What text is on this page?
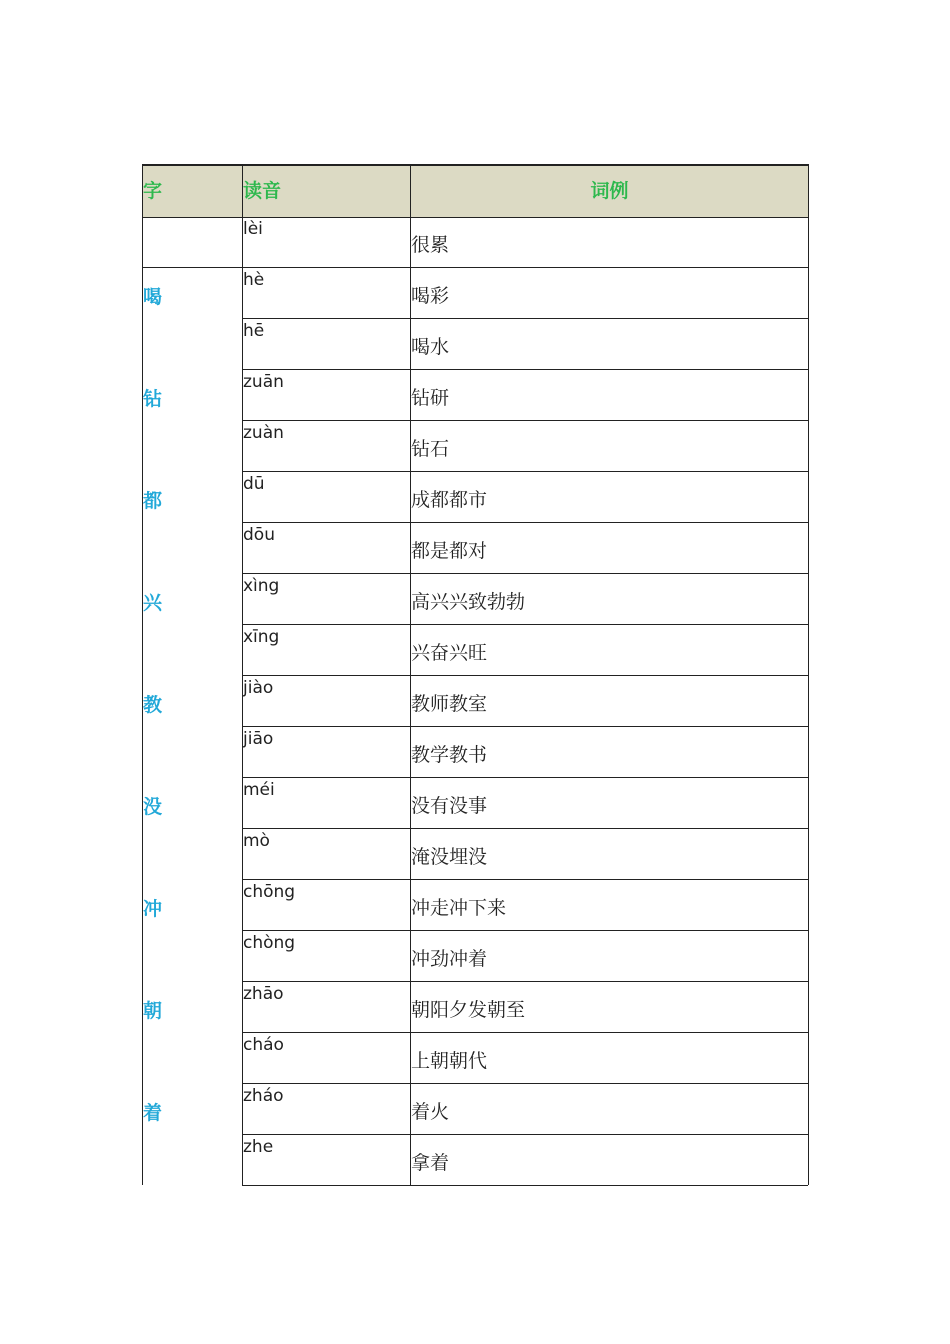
字	读音	词例
lèi
很累
喝
hè
喝彩
hē
喝水
钻
zuān
钻研
zuàn
钻石
都
dū
成都都市
dōu
都是都对
兴
xìng
高兴兴致勃勃
xīng
兴奋兴旺
教
jiào
教师教室
jiāo
教学教书
没
méi
没有没事
mò
淹没埋没
冲
chōng
冲走冲下来
chòng
冲劲冲着
朝
zhāo
朝阳夕发朝至
cháo
上朝朝代
着
zháo
着火
zhe
拿着
